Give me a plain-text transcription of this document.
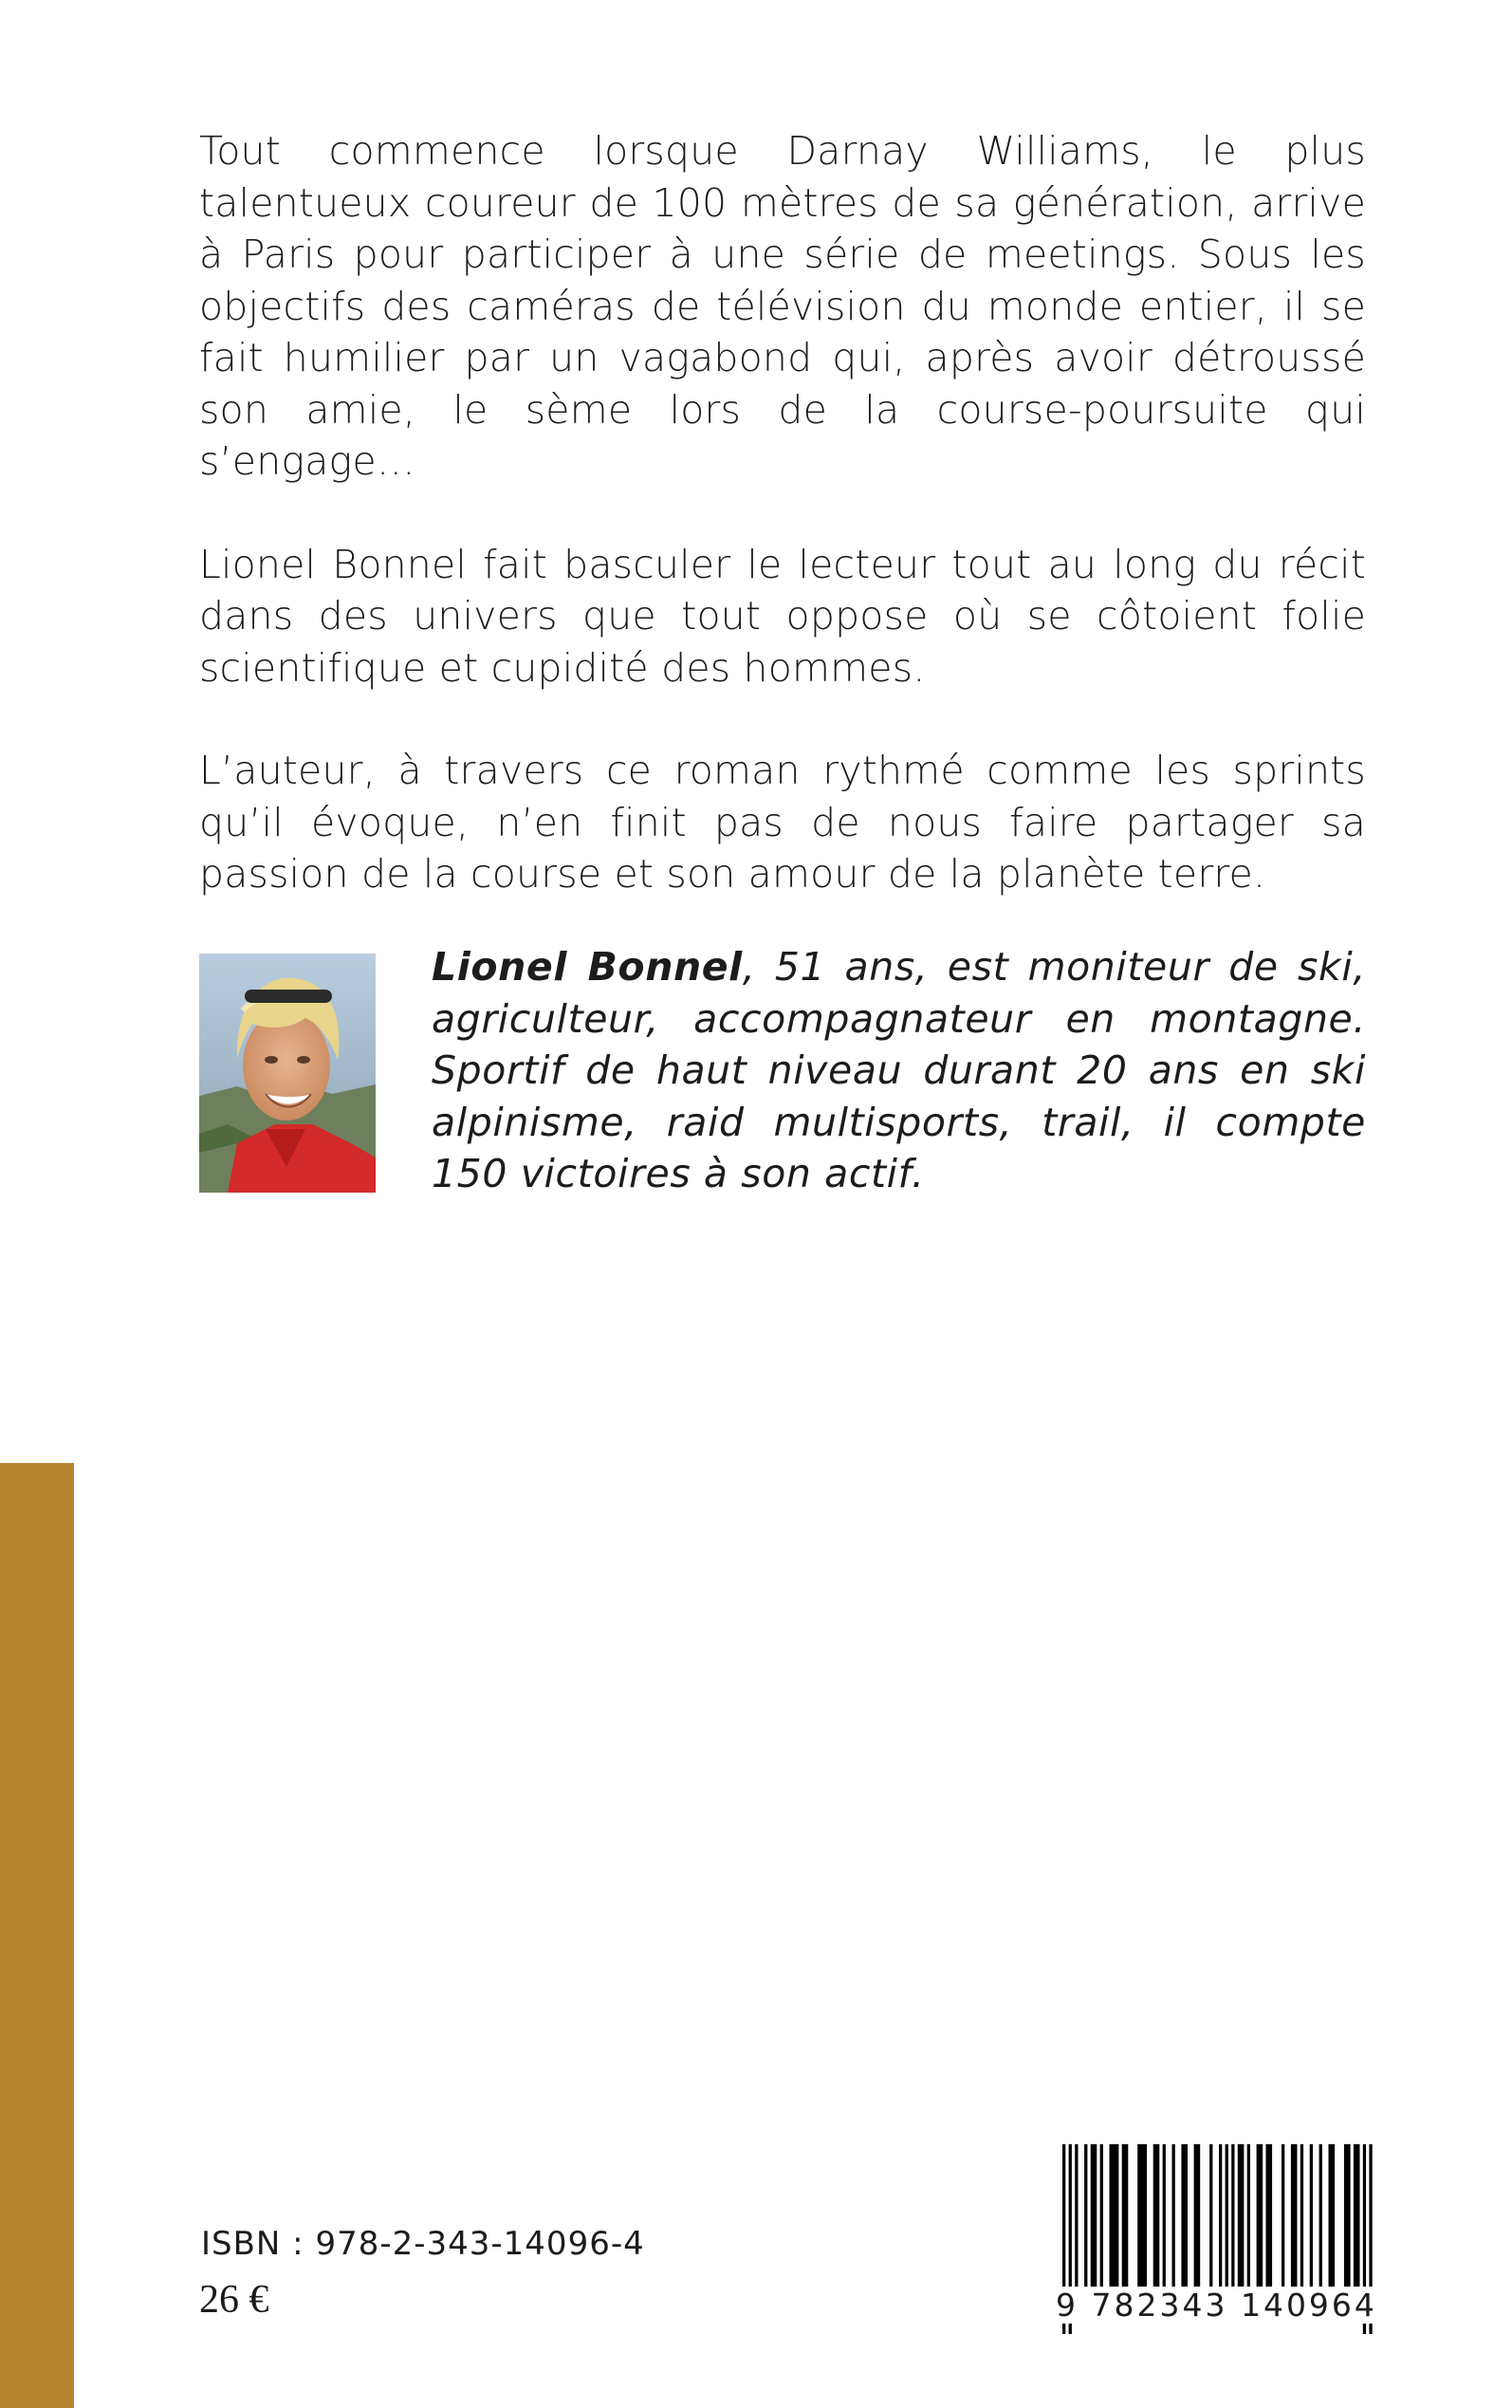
Tout commence lorsque Darnay Williams, le plus talentueux coureur de 100 mètres de sa génération, arrive à Paris pour participer à une série de meetings. Sous les objectifs des caméras de télévision du monde entier, il se fait humilier par un vagabond qui, après avoir détroussé son amie, le sème lors de la course-poursuite qui s’engage…

Lionel Bonnel fait basculer le lecteur tout au long du récit dans des univers que tout oppose où se côtoient folie scientifique et cupidité des hommes.

L’auteur, à travers ce roman rythmé comme les sprints qu’il évoque, n’en finit pas de nous faire partager sa passion de la course et son amour de la planète terre.

Lionel Bonnel, 51 ans, est moniteur de ski, agriculteur, accompagnateur en montagne. Sportif de haut niveau durant 20 ans en ski alpinisme, raid multisports, trail, il compte 150 victoires à son actif.
ISBN : 978-2-343-14096-4
26 €	9 782343 140964
